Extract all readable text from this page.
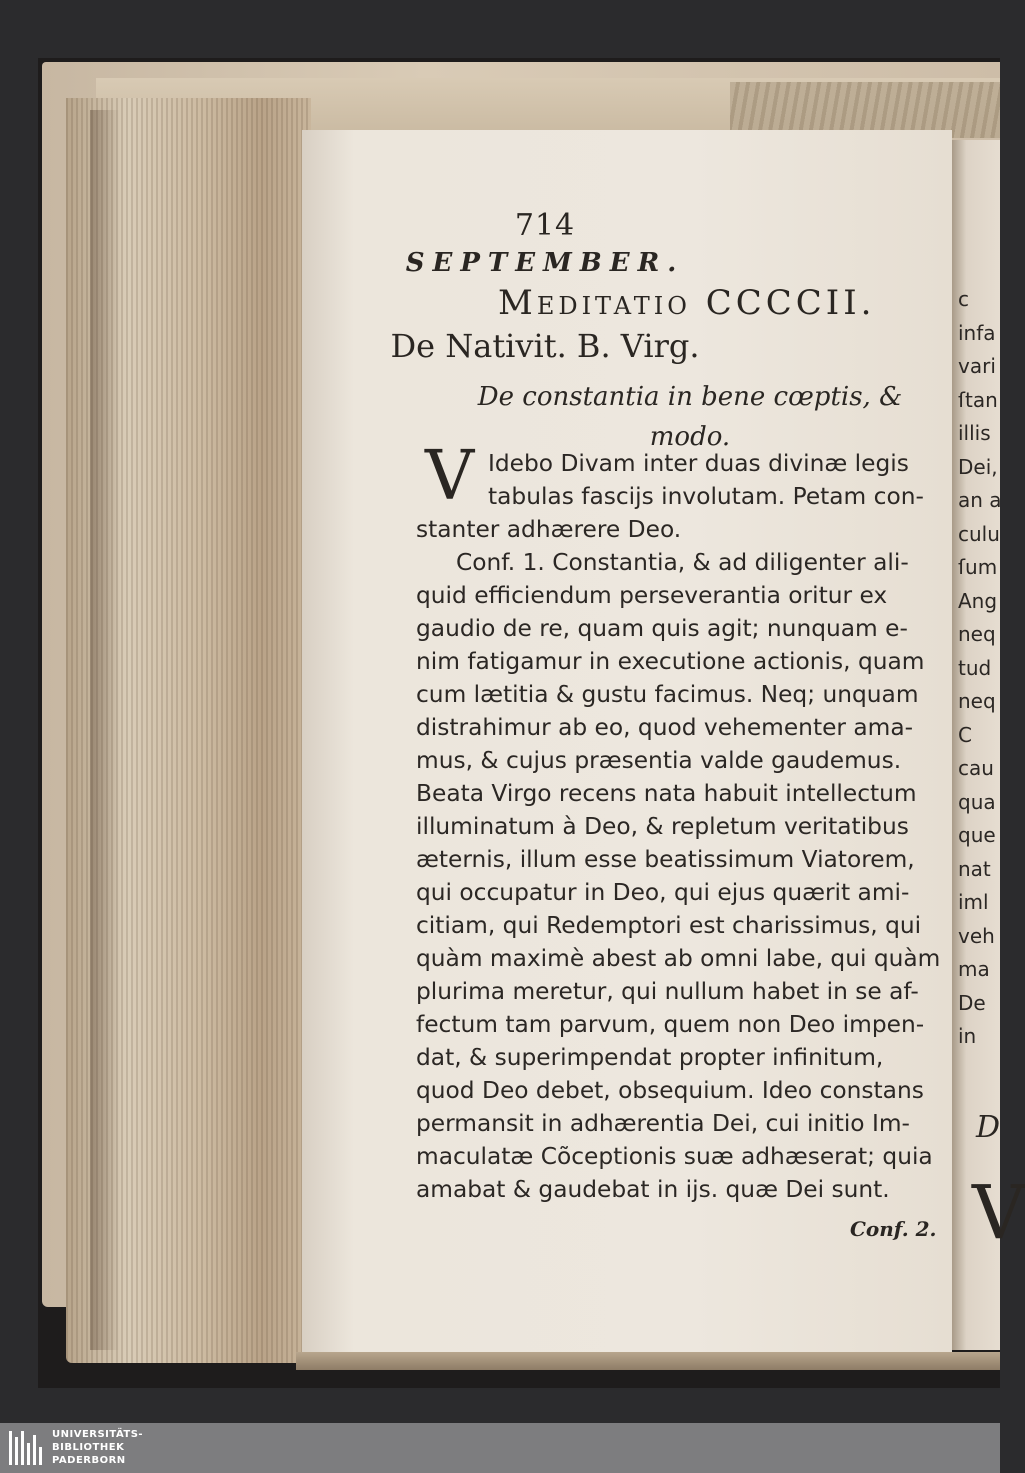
714
SEPTEMBER.
Meditatio CCCCII.
De Nativit. B. Virg.
De constantia in bene cœptis, &
modo.
V Idebo Divam inter duas divinæ legis
tabulas fascijs involutam. Petam con-
stanter adhærere Deo.
Conf. 1. Constantia, & ad diligenter ali-
quid efficiendum perseverantia oritur ex
gaudio de re, quam quis agit; nunquam e-
nim fatigamur in executione actionis, quam
cum lætitia & gustu facimus. Neq; unquam
distrahimur ab eo, quod vehementer ama-
mus, & cujus præsentia valde gaudemus.
Beata Virgo recens nata habuit intellectum
illuminatum à Deo, & repletum veritatibus
æternis, illum esse beatissimum Viatorem,
qui occupatur in Deo, qui ejus quærit ami-
citiam, qui Redemptori est charissimus, qui
quàm maximè abest ab omni labe, qui quàm
plurima meretur, qui nullum habet in se af-
fectum tam parvum, quem non Deo impen-
dat, & superimpendat propter infinitum,
quod Deo debet, obsequium. Ideo constans
permansit in adhærentia Dei, cui initio Im-
maculatæ Cõceptionis suæ adhæserat; quia
amabat & gaudebat in ijs. quæ Dei sunt.
Conf. 2.
c
infa
vari
ſtan
illis
Dei,
an a
culu
ſum
Ang
neq
tud
neq
C
cau
qua
que
nat
iml
veh
ma
De
in
D
V
UNIVERSITÄTS-
BIBLIOTHEK
PADERBORN
